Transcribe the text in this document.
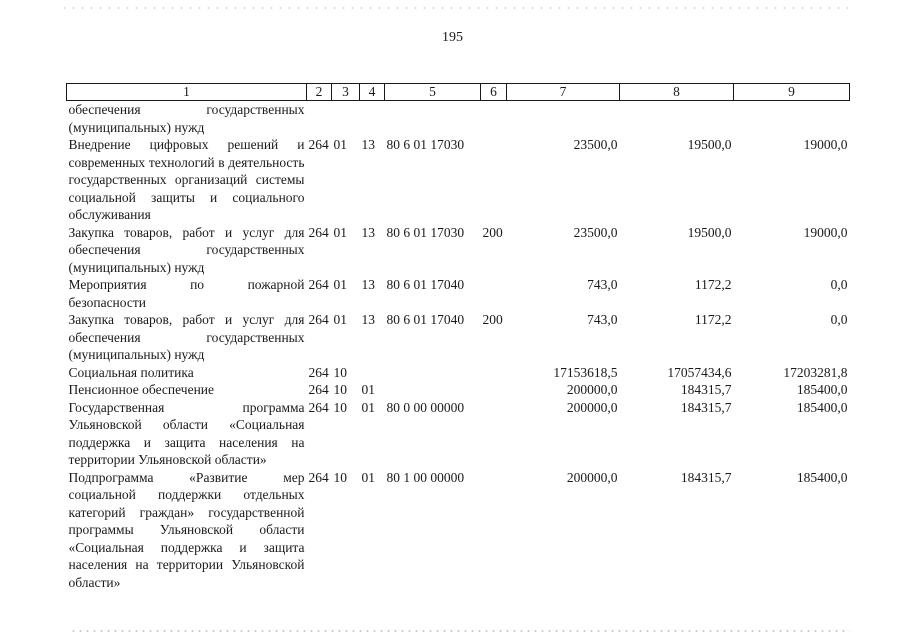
195
1	2	3	4	5	6	7	8	9
обеспечения государственных (муниципальных) нужд								
Внедрение цифровых решений и современных технологий в деятельность государственных организаций системы социальной защиты и социального обслуживания	264	01	13	80 6 01 17030		23500,0	19500,0	19000,0
Закупка товаров, работ и услуг для обеспечения государственных (муниципальных) нужд	264	01	13	80 6 01 17030	200	23500,0	19500,0	19000,0
Мероприятия по пожарной безопасности	264	01	13	80 6 01 17040		743,0	1172,2	0,0
Закупка товаров, работ и услуг для обеспечения государственных (муниципальных) нужд	264	01	13	80 6 01 17040	200	743,0	1172,2	0,0
Социальная политика	264	10				17153618,5	17057434,6	17203281,8
Пенсионное обеспечение	264	10	01			200000,0	184315,7	185400,0
Государственная программа Ульяновской области «Социальная поддержка и защита населения на территории Ульяновской области»	264	10	01	80 0 00 00000		200000,0	184315,7	185400,0
Подпрограмма «Развитие мер социальной поддержки отдельных категорий граждан» государственной программы Ульяновской области «Социальная поддержка и защита населения на территории Ульяновской области»	264	10	01	80 1 00 00000		200000,0	184315,7	185400,0
